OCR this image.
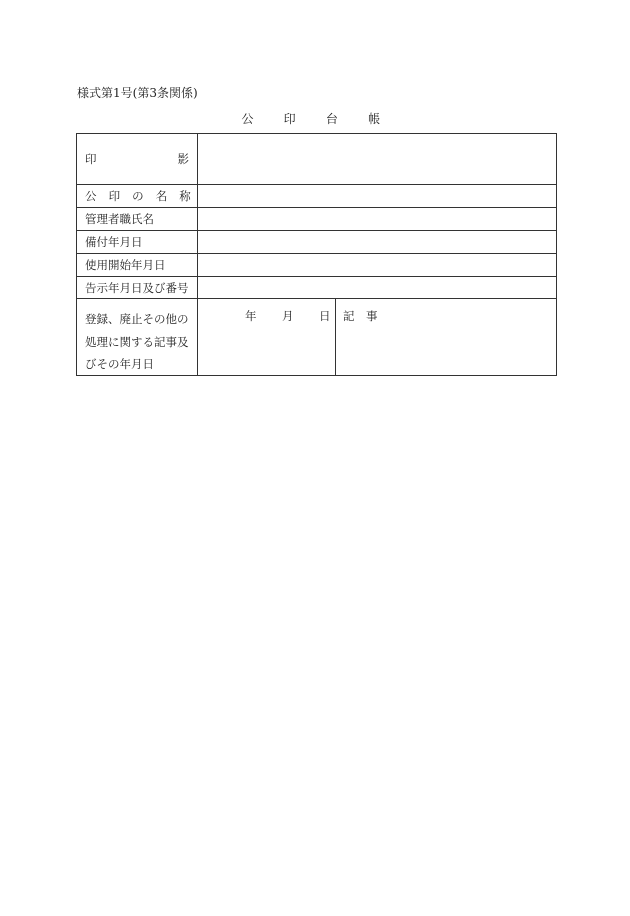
様式第1号(第3条関係)
公 印 台 帳
印	影
公印の名称
管理者職氏名
備付年月日
使用開始年月日
告示年月日及び番号
登録、廃止その他の
処理に関する記事及
びその年月日
年 月 日 記事
